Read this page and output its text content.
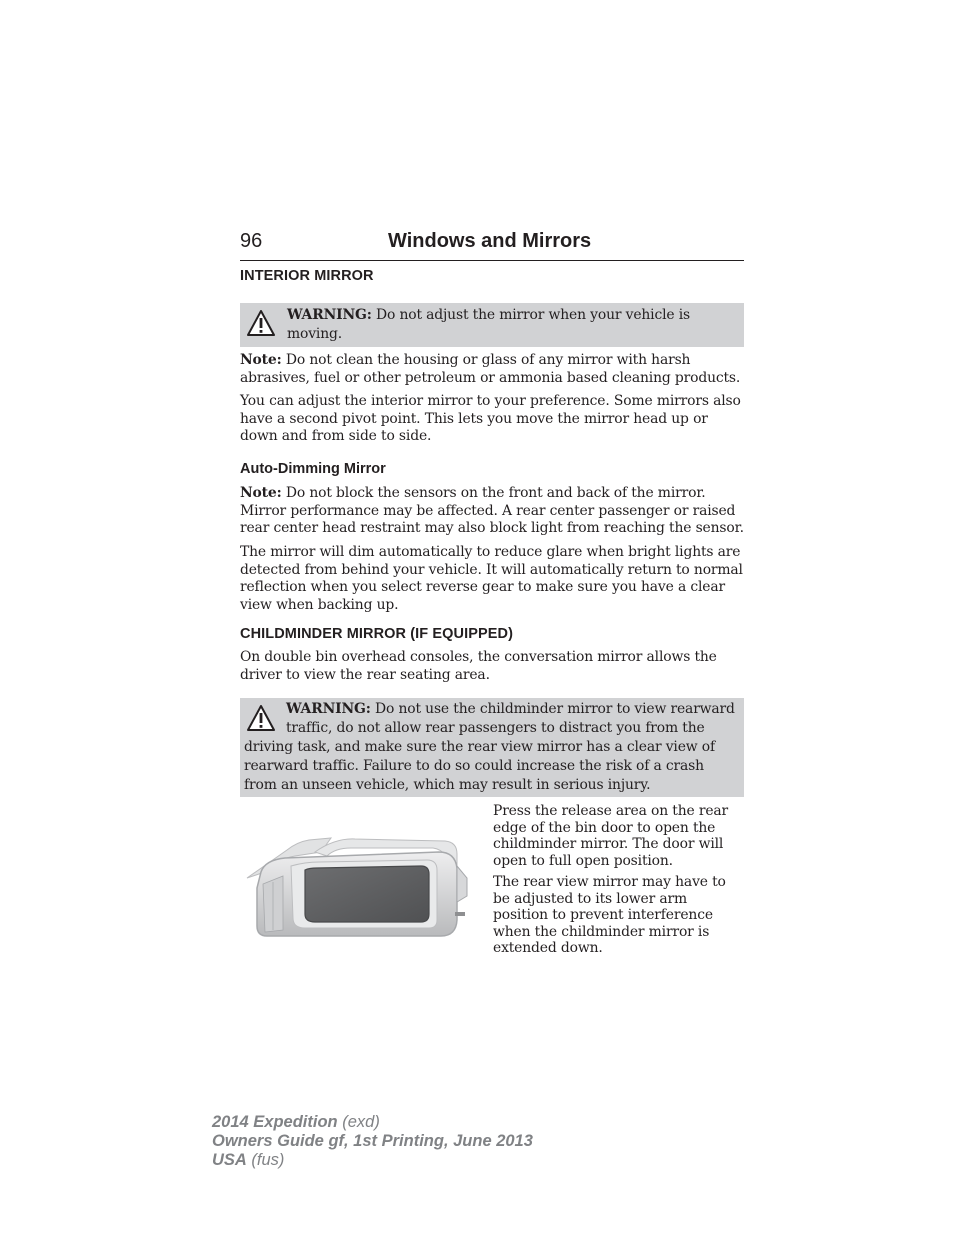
96	Windows and Mirrors
INTERIOR MIRROR

WARNING: Do not adjust the mirror when your vehicle is moving.

Note: Do not clean the housing or glass of any mirror with harsh abrasives, fuel or other petroleum or ammonia based cleaning products.

You can adjust the interior mirror to your preference. Some mirrors also have a second pivot point. This lets you move the mirror head up or down and from side to side.

Auto-Dimming Mirror

Note: Do not block the sensors on the front and back of the mirror. Mirror performance may be affected. A rear center passenger or raised rear center head restraint may also block light from reaching the sensor.

The mirror will dim automatically to reduce glare when bright lights are detected from behind your vehicle. It will automatically return to normal reflection when you select reverse gear to make sure you have a clear view when backing up.

CHILDMINDER MIRROR (IF EQUIPPED)

On double bin overhead consoles, the conversation mirror allows the driver to view the rear seating area.

WARNING: Do not use the childminder mirror to view rearward traffic, do not allow rear passengers to distract you from the driving task, and make sure the rear view mirror has a clear view of rearward traffic. Failure to do so could increase the risk of a crash from an unseen vehicle, which may result in serious injury.

Press the release area on the rear edge of the bin door to open the childminder mirror. The door will open to full open position.

The rear view mirror may have to be adjusted to its lower arm position to prevent interference when the childminder mirror is extended down.

2014 Expedition (exd)
Owners Guide gf, 1st Printing, June 2013
USA (fus)
